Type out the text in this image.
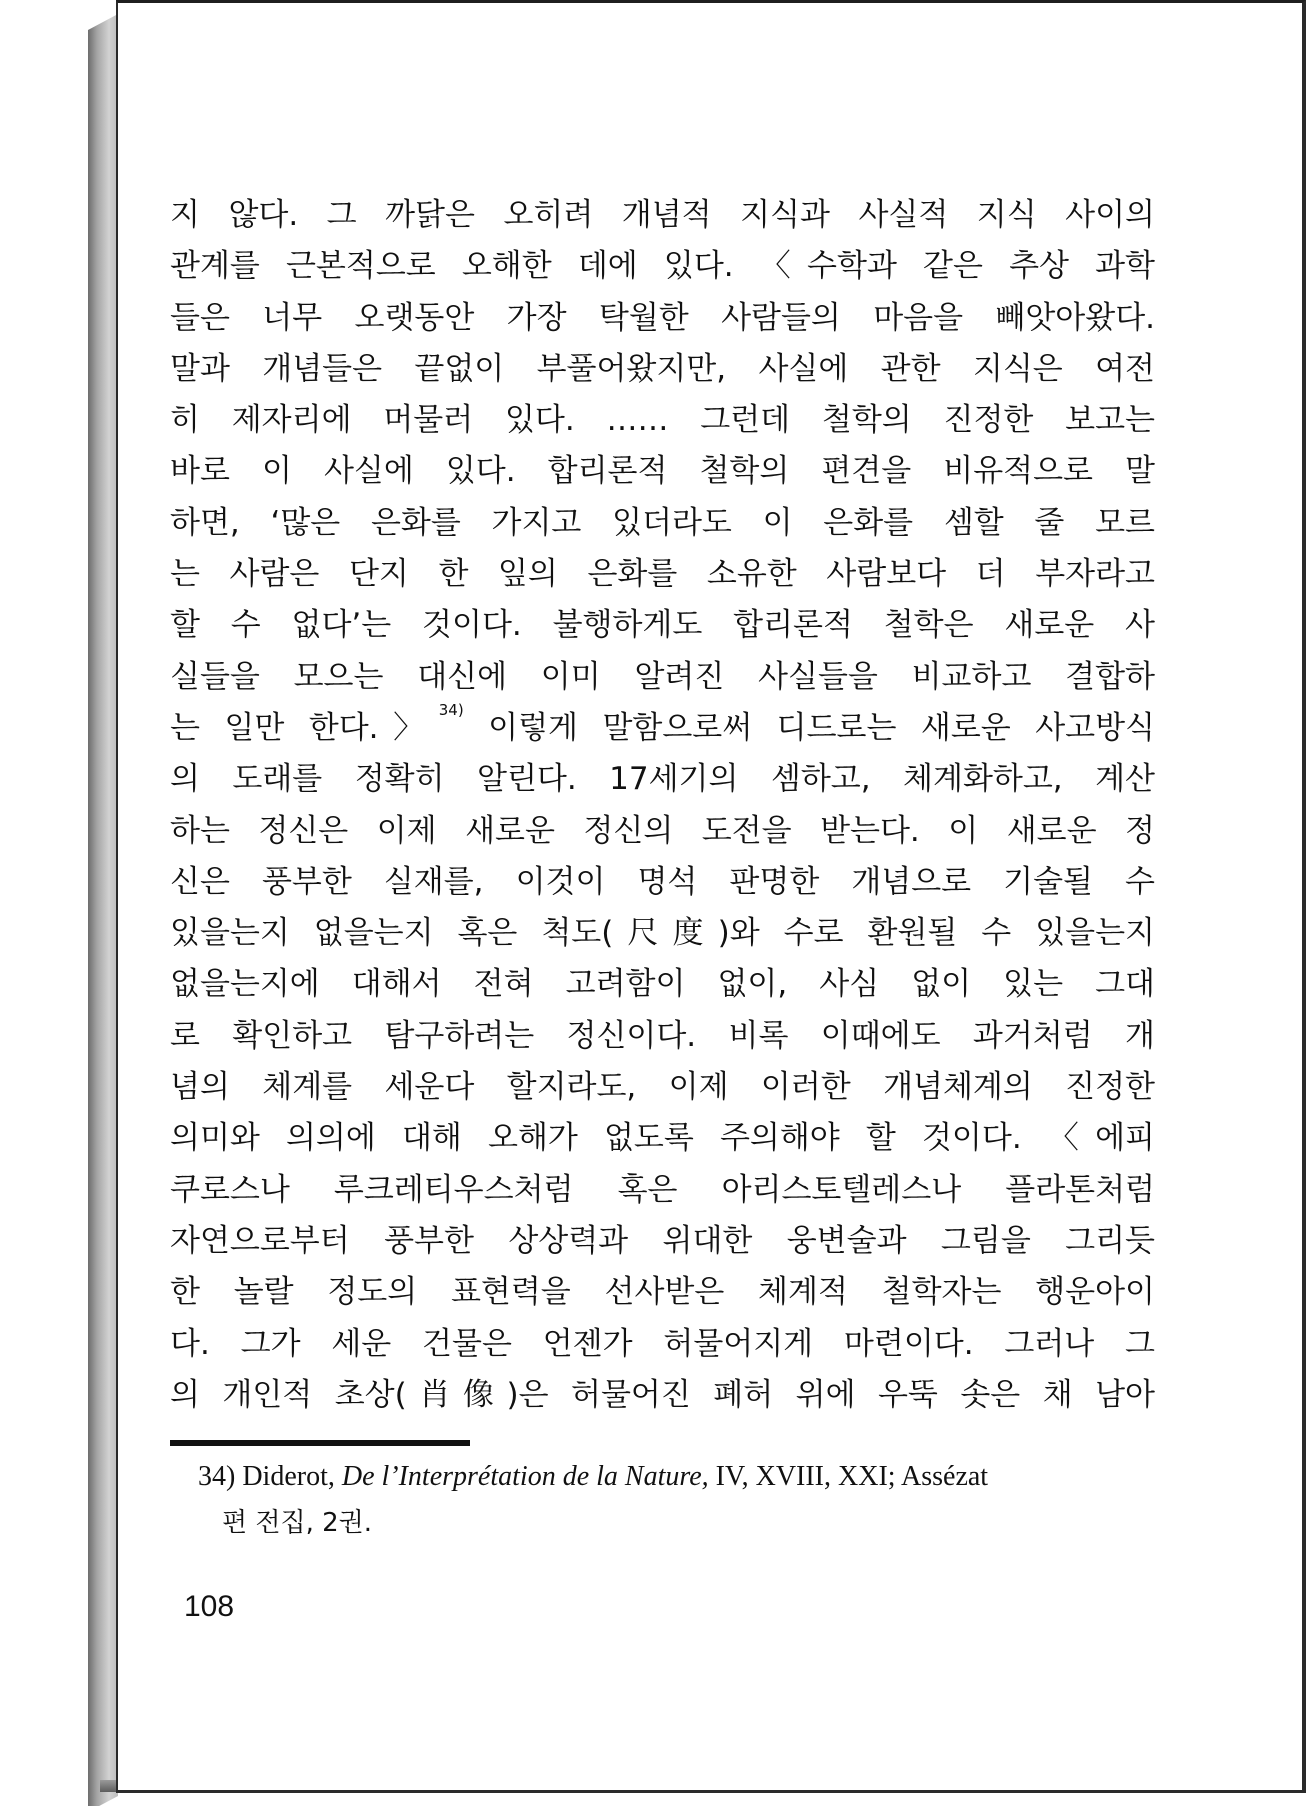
지 않다. 그 까닭은 오히려 개념적 지식과 사실적 지식 사이의
관계를 근본적으로 오해한 데에 있다. 〈수학과 같은 추상 과학
들은 너무 오랫동안 가장 탁월한 사람들의 마음을 빼앗아왔다.
말과 개념들은 끝없이 부풀어왔지만, 사실에 관한 지식은 여전
히 제자리에 머물러 있다. …… 그런데 철학의 진정한 보고는
바로 이 사실에 있다. 합리론적 철학의 편견을 비유적으로 말
하면, ‘많은 은화를 가지고 있더라도 이 은화를 셈할 줄 모르
는 사람은 단지 한 잎의 은화를 소유한 사람보다 더 부자라고
할 수 없다’는 것이다. 불행하게도 합리론적 철학은 새로운 사
실들을 모으는 대신에 이미 알려진 사실들을 비교하고 결합하
는 일만 한다.〉$^{34)}$ 이렇게 말함으로써 디드로는 새로운 사고방식
의 도래를 정확히 알린다. 17세기의 셈하고, 체계화하고, 계산
하는 정신은 이제 새로운 정신의 도전을 받는다. 이 새로운 정
신은 풍부한 실재를, 이것이 명석 판명한 개념으로 기술될 수
있을는지 없을는지 혹은 척도(尺度)와 수로 환원될 수 있을는지
없을는지에 대해서 전혀 고려함이 없이, 사심 없이 있는 그대
로 확인하고 탐구하려는 정신이다. 비록 이때에도 과거처럼 개
념의 체계를 세운다 할지라도, 이제 이러한 개념체계의 진정한
의미와 의의에 대해 오해가 없도록 주의해야 할 것이다. 〈에피
쿠로스나 루크레티우스처럼 혹은 아리스토텔레스나 플라톤처럼
자연으로부터 풍부한 상상력과 위대한 웅변술과 그림을 그리듯
한 놀랄 정도의 표현력을 선사받은 체계적 철학자는 행운아이
다. 그가 세운 건물은 언젠가 허물어지게 마련이다. 그러나 그
의 개인적 초상(肖像)은 허물어진 폐허 위에 우뚝 솟은 채 남아
34) Diderot, De l’Interprétation de la Nature, IV, XVIII, XXI; Assézat
편 전집, 2권.
108
